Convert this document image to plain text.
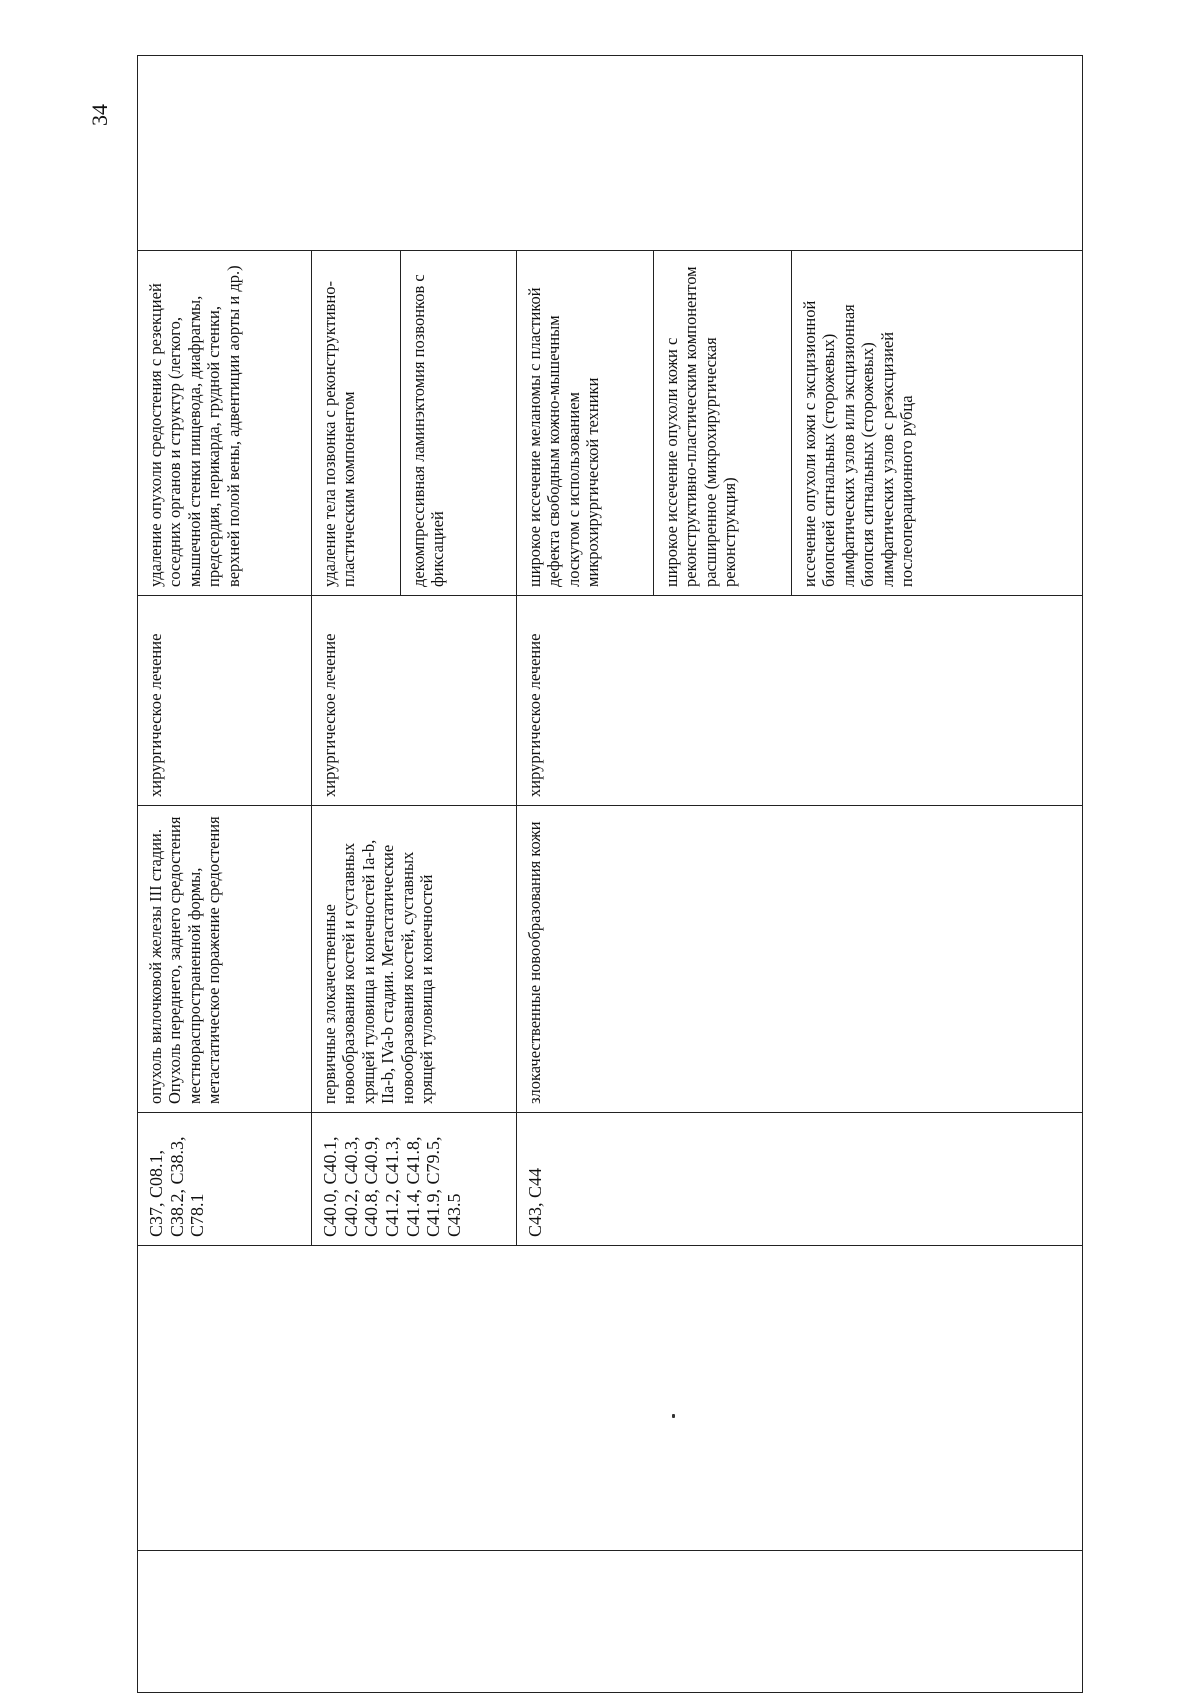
34
		С37, С08.1, С38.2, С38.3, С78.1	опухоль вилочковой железы III стадии. Опухоль переднего, заднего средостения местнораспространенной формы, метастатическое поражение средостения	хирургическое лечение	удаление опухоли средостения с резекцией соседних органов и структур (легкого, мышечной стенки пищевода, диафрагмы, предсердия, перикарда, грудной стенки, верхней полой вены, адвентиции аорты и др.)	
		С40.0, С40.1, С40.2, С40.3, С40.8, С40.9, С41.2, С41.3, С41.4, С41.8, С41.9, С79.5, С43.5	первичные злокачественные новообразования костей и суставных хрящей туловища и конечностей Ia-b, IIa-b, IVa-b стадии. Метастатические новообразования костей, суставных хрящей туловища и конечностей	хирургическое лечение	удаление тела позвонка с реконструктивно-пластическим компонентом	
					декомпрессивная ламинэктомия позвонков с фиксацией	
		С43, С44	злокачественные новообразования кожи	хирургическое лечение	широкое иссечение меланомы с пластикой дефекта свободным кожно-мышечным лоскутом с использованием микрохирургической техники	
					широкое иссечение опухоли кожи с реконструктивно-пластическим компонентом расширенное (микрохирургическая реконструкция)	
					иссечение опухоли кожи с эксцизионной биопсией сигнальных (сторожевых) лимфатических узлов или эксцизионная биопсия сигнальных (сторожевых) лимфатических узлов с реэксцизией послеоперационного рубца	
